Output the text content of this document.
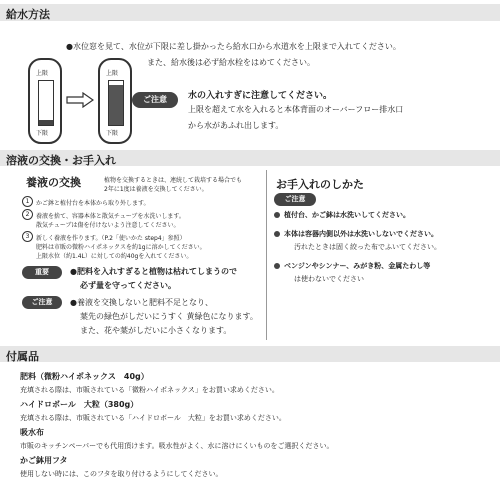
給水方法
●水位窓を見て、水位が下限に差し掛かったら給水口から水道水を上限まで入れてください。
また、給水後は必ず給水栓をはめてください。
上限
下限
上限
下限
ご注意	水の入れすぎに注意してください。
上限を超えて水を入れると本体背面のオーバーフロー排水口
から水があふれ出します。
溶液の交換・お手入れ
養液の交換	植物を交換するときは、連続して栽培する場合でも
2年に1度は養液を交換してください。
1	かご鉢と植付台を本体から取り外します。
2	養液を捨て、容器本体と散気チューブを水洗いします。
散気チューブは傷を付けないよう注意してください。
3	新しく養液を作ります。（P.2「使いかた step4」参照）
肥料は市販の微粉ハイポネックスを約1gに溶かしてください。
上限水位（約1.4L）に対しての約40gを入れてください。
重要	●肥料を入れすぎると植物は枯れてしまうので
必ず量を守ってください。
ご注意	●養液を交換しないと肥料不足となり、
葉先の緑色がしだいにうすく 黄緑色になります。
また、花や葉がしだいに小さくなります。
お手入れのしかた
ご注意
植付台、かご鉢は水洗いしてください。
本体は容器内側以外は水洗いしないでください。
汚れたときは固く絞った布でふいてください。
ベンジンやシンナー、みがき粉、金属たわし等
は使わないでください
付属品
肥料（微粉ハイポネックス　40g）
充填される際は、市販されている「微粉ハイポネックス」をお買い求めください。
ハイドロボール　大粒（380g）
充填される際は、市販されている「ハイドロボール　大粒」をお買い求めください。
吸水布
市販のキッチンペーパーでも代用頂けます。吸水性がよく、水に溶けにくいものをご選択ください。
かご鉢用フタ
使用しない時には、このフタを取り付けるようにしてください。
